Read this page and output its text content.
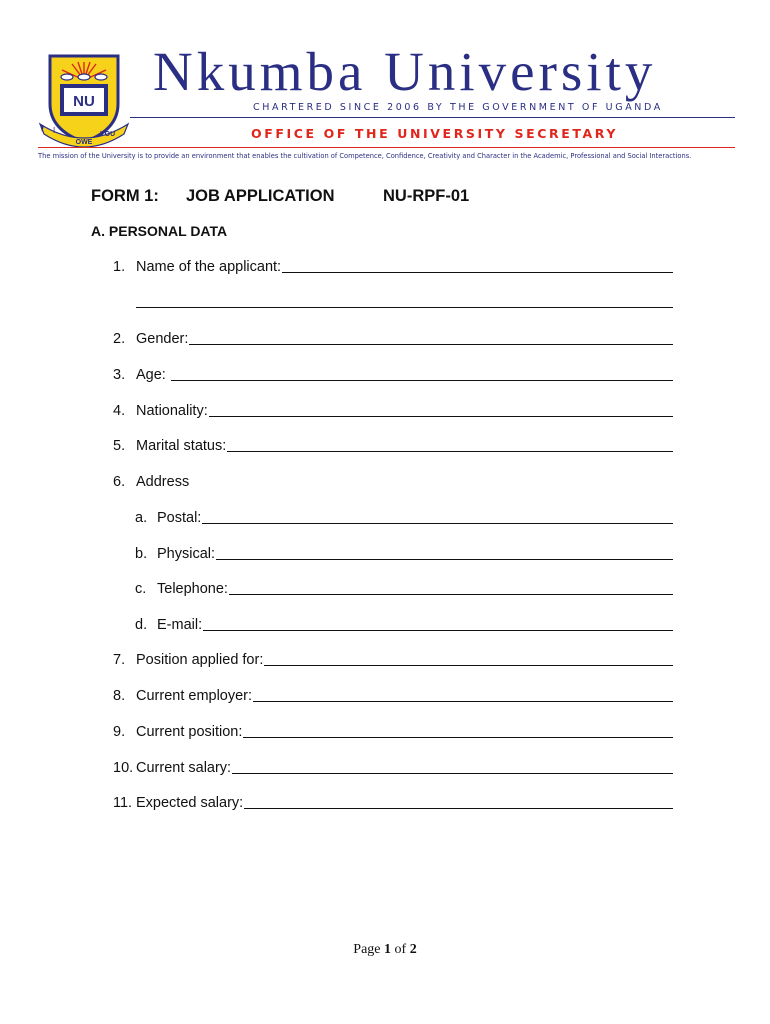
NU
I
OWE
YOU
Nkumba University
CHARTERED SINCE 2006 BY THE GOVERNMENT OF UGANDA
OFFICE OF THE UNIVERSITY SECRETARY
The mission of the University is to provide an environment that enables the cultivation of Competence, Confidence, Creativity and Character in the Academic, Professional and Social Interactions.
FORM 1: JOB APPLICATION	NU-RPF-01
A. PERSONAL DATA
1. Name of the applicant:
2. Gender:
3. Age:
4. Nationality:
5. Marital status:
6. Address
a. Postal:
b. Physical:
c. Telephone:
d. E-mail:
7. Position applied for:
8. Current employer:
9. Current position:
10. Current salary:
11. Expected salary:
Page 1 of 2
